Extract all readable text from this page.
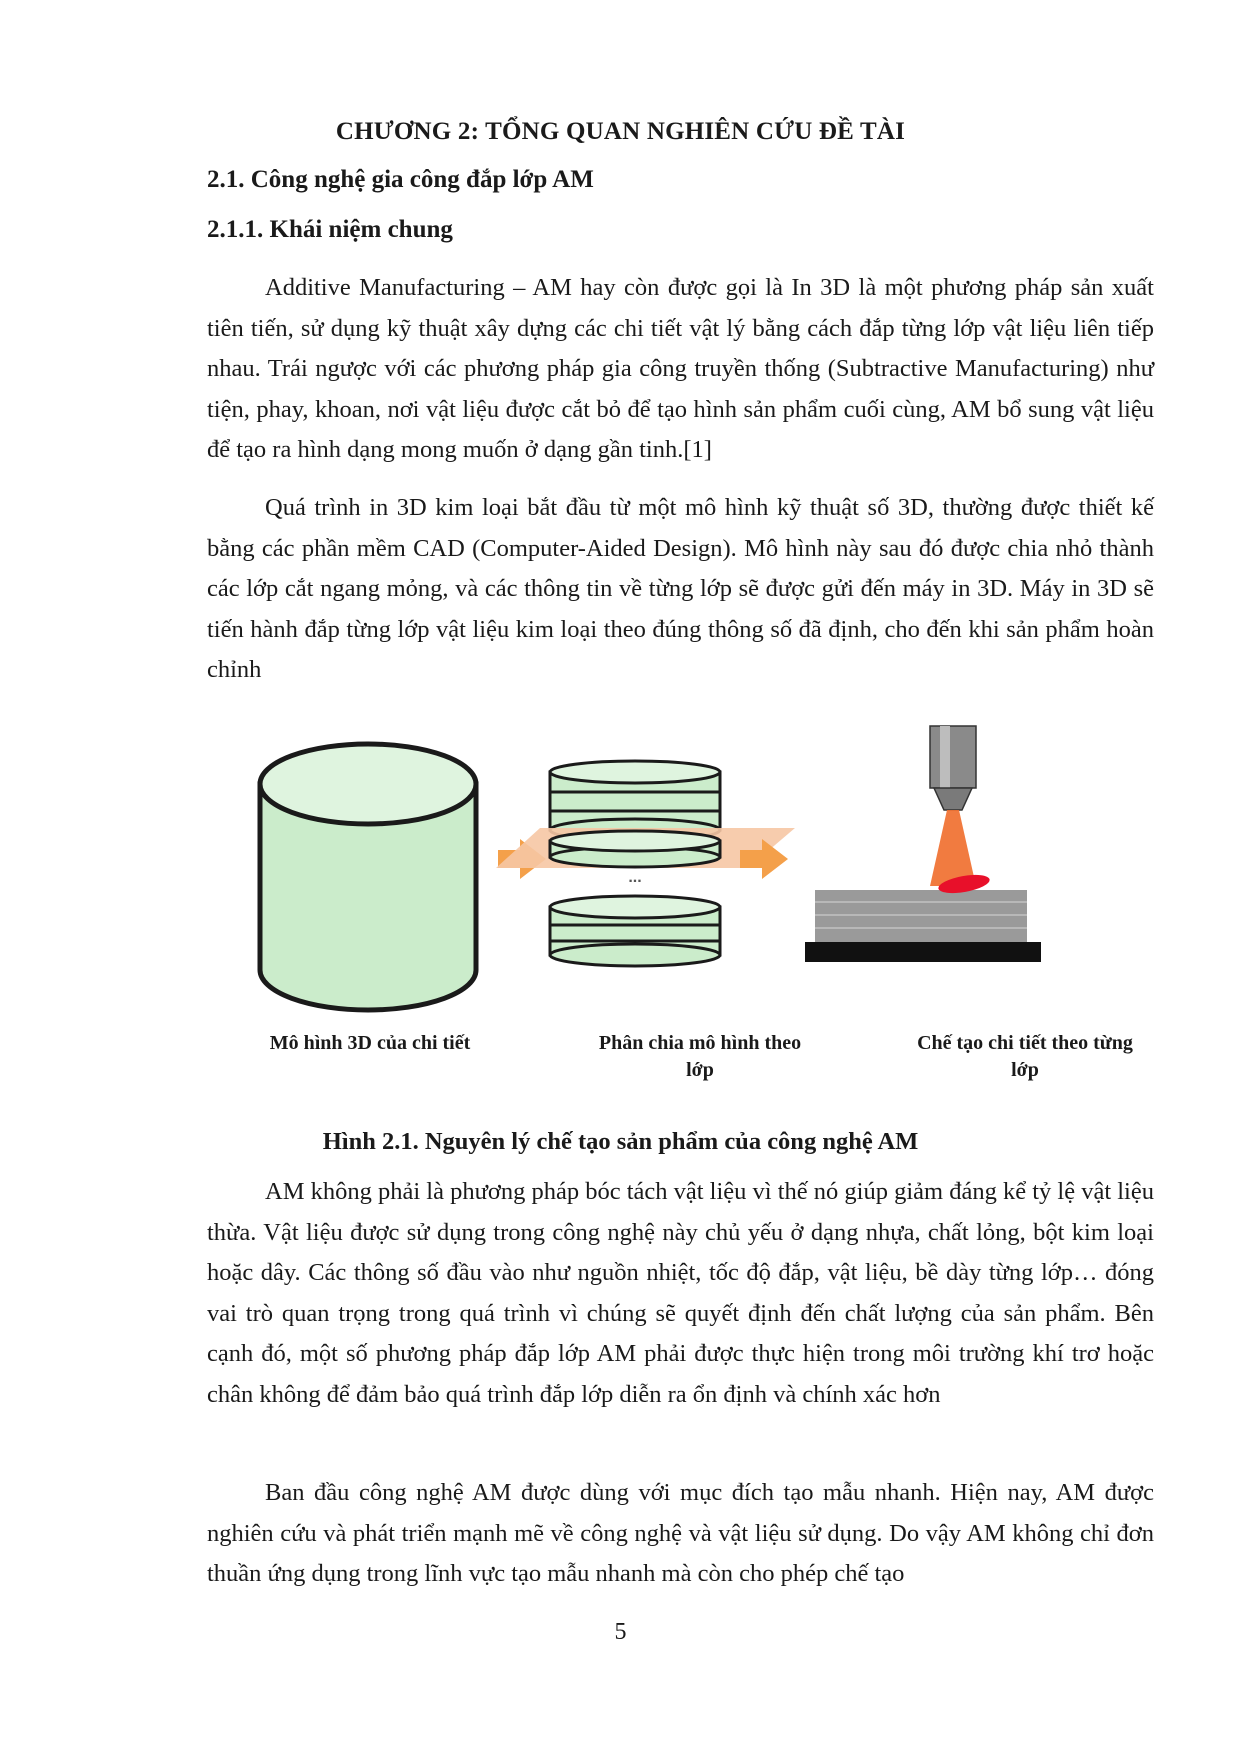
CHƯƠNG 2: TỔNG QUAN NGHIÊN CỨU ĐỀ TÀI
2.1. Công nghệ gia công đắp lớp AM
2.1.1. Khái niệm chung

Additive Manufacturing – AM hay còn được gọi là In 3D là một phương pháp sản xuất tiên tiến, sử dụng kỹ thuật xây dựng các chi tiết vật lý bằng cách đắp từng lớp vật liệu liên tiếp nhau. Trái ngược với các phương pháp gia công truyền thống (Subtractive Manufacturing) như tiện, phay, khoan, nơi vật liệu được cắt bỏ để tạo hình sản phẩm cuối cùng, AM bổ sung vật liệu để tạo ra hình dạng mong muốn ở dạng gần tinh.[1]

Quá trình in 3D kim loại bắt đầu từ một mô hình kỹ thuật số 3D, thường được thiết kế bằng các phần mềm CAD (Computer-Aided Design). Mô hình này sau đó được chia nhỏ thành các lớp cắt ngang mỏng, và các thông tin về từng lớp sẽ được gửi đến máy in 3D. Máy in 3D sẽ tiến hành đắp từng lớp vật liệu kim loại theo đúng thông số đã định, cho đến khi sản phẩm hoàn chỉnh

...
Mô hình 3D của chi tiết	Phân chia mô hình theo lớp
Chế tạo chi tiết theo từng lớp
Hình 2.1. Nguyên lý chế tạo sản phẩm của công nghệ AM

AM không phải là phương pháp bóc tách vật liệu vì thế nó giúp giảm đáng kể tỷ lệ vật liệu thừa. Vật liệu được sử dụng trong công nghệ này chủ yếu ở dạng nhựa, chất lỏng, bột kim loại hoặc dây. Các thông số đầu vào như nguồn nhiệt, tốc độ đắp, vật liệu, bề dày từng lớp… đóng vai trò quan trọng trong quá trình vì chúng sẽ quyết định đến chất lượng của sản phẩm. Bên cạnh đó, một số phương pháp đắp lớp AM phải được thực hiện trong môi trường khí trơ hoặc chân không để đảm bảo quá trình đắp lớp diễn ra ổn định và chính xác hơn

Ban đầu công nghệ AM được dùng với mục đích tạo mẫu nhanh. Hiện nay, AM được nghiên cứu và phát triển mạnh mẽ về công nghệ và vật liệu sử dụng. Do vậy AM không chỉ đơn thuần ứng dụng trong lĩnh vực tạo mẫu nhanh mà còn cho phép chế tạo

5
